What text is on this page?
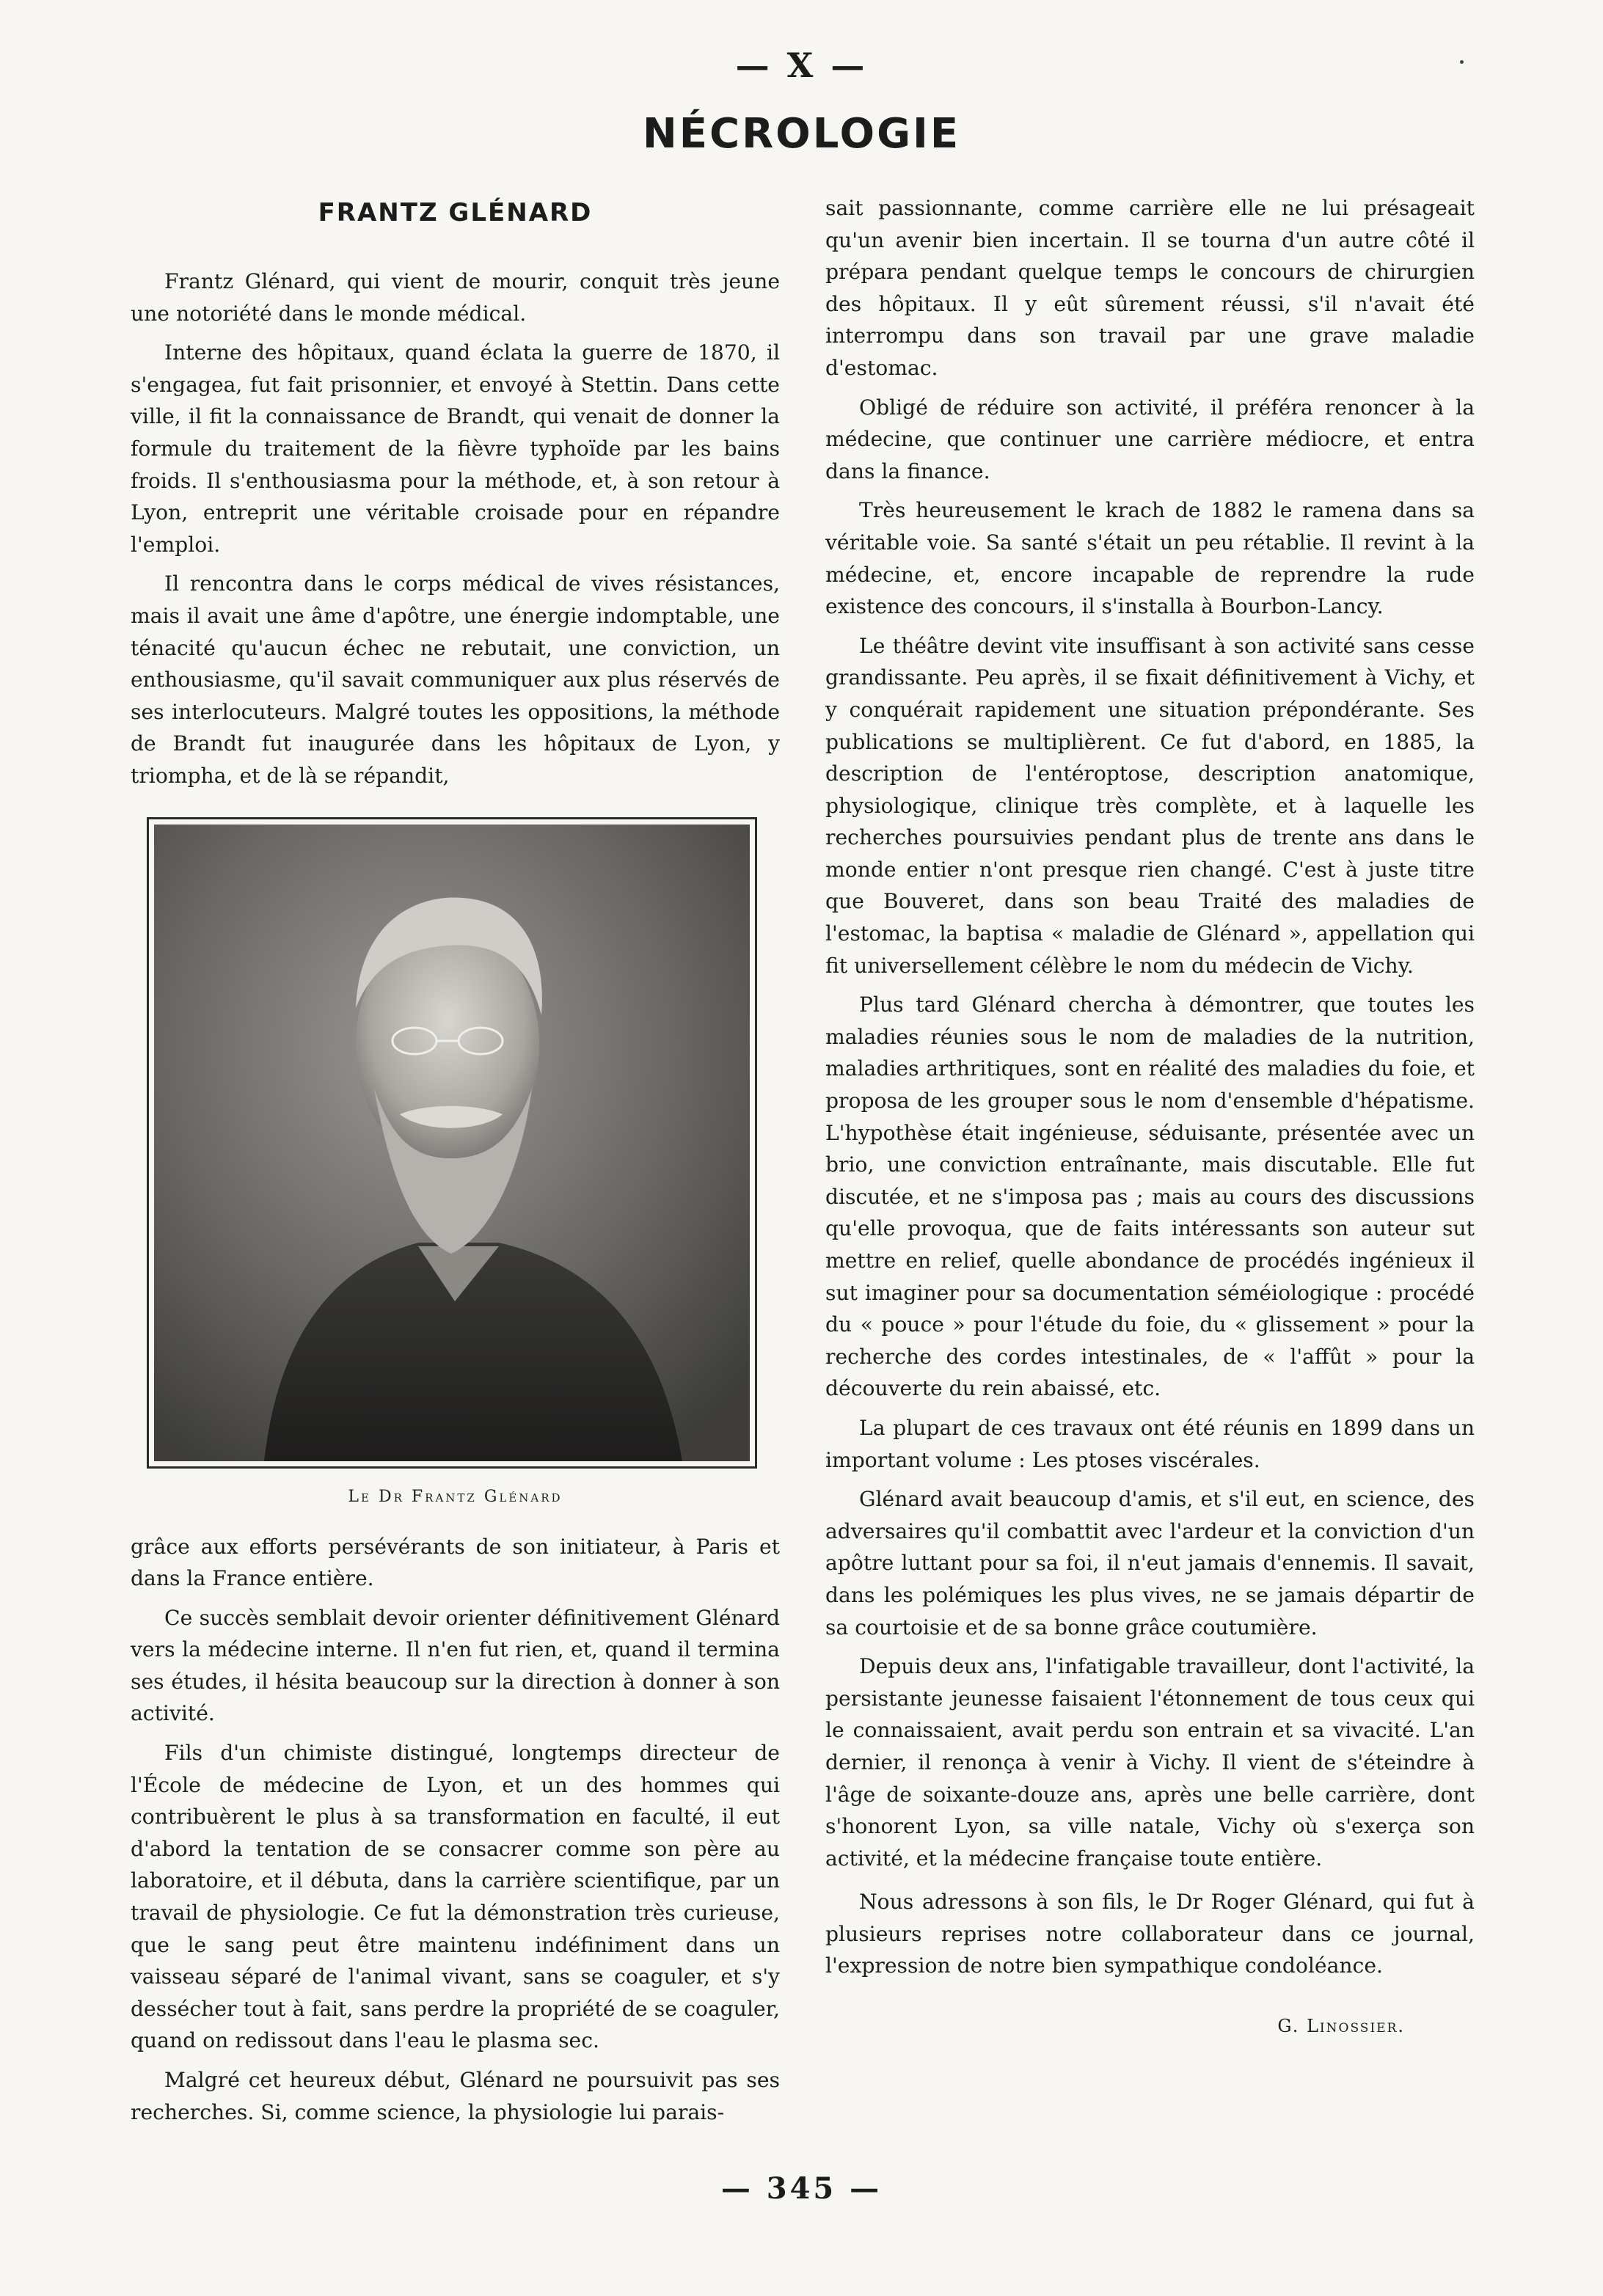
— X —
NÉCROLOGIE
FRANTZ GLÉNARD

Frantz Glénard, qui vient de mourir, conquit très jeune une notoriété dans le monde médical.

Interne des hôpitaux, quand éclata la guerre de 1870, il s'engagea, fut fait prisonnier, et envoyé à Stettin. Dans cette ville, il fit la connaissance de Brandt, qui venait de donner la formule du traitement de la fièvre typhoïde par les bains froids. Il s'enthousiasma pour la méthode, et, à son retour à Lyon, entreprit une véritable croisade pour en répandre l'emploi.

Il rencontra dans le corps médical de vives résistances, mais il avait une âme d'apôtre, une énergie indomptable, une ténacité qu'aucun échec ne rebutait, une conviction, un enthousiasme, qu'il savait communiquer aux plus réservés de ses interlocuteurs. Malgré toutes les oppositions, la méthode de Brandt fut inaugurée dans les hôpitaux de Lyon, y triompha, et de là se répandit,

Le Dr Frantz Glénard

grâce aux efforts persévérants de son initiateur, à Paris et dans la France entière.

Ce succès semblait devoir orienter définitivement Glénard vers la médecine interne. Il n'en fut rien, et, quand il termina ses études, il hésita beaucoup sur la direction à donner à son activité.

Fils d'un chimiste distingué, longtemps directeur de l'École de médecine de Lyon, et un des hommes qui contribuèrent le plus à sa transformation en faculté, il eut d'abord la tentation de se consacrer comme son père au laboratoire, et il débuta, dans la carrière scientifique, par un travail de physiologie. Ce fut la démonstration très curieuse, que le sang peut être maintenu indéfiniment dans un vaisseau séparé de l'animal vivant, sans se coaguler, et s'y dessécher tout à fait, sans perdre la propriété de se coaguler, quand on redissout dans l'eau le plasma sec.

Malgré cet heureux début, Glénard ne poursuivit pas ses recherches. Si, comme science, la physiologie lui parais-

sait passionnante, comme carrière elle ne lui présageait qu'un avenir bien incertain. Il se tourna d'un autre côté il prépara pendant quelque temps le concours de chirurgien des hôpitaux. Il y eût sûrement réussi, s'il n'avait été interrompu dans son travail par une grave maladie d'estomac.

Obligé de réduire son activité, il préféra renoncer à la médecine, que continuer une carrière médiocre, et entra dans la finance.

Très heureusement le krach de 1882 le ramena dans sa véritable voie. Sa santé s'était un peu rétablie. Il revint à la médecine, et, encore incapable de reprendre la rude existence des concours, il s'installa à Bourbon-Lancy.

Le théâtre devint vite insuffisant à son activité sans cesse grandissante. Peu après, il se fixait définitivement à Vichy, et y conquérait rapidement une situation prépondérante. Ses publications se multiplièrent. Ce fut d'abord, en 1885, la description de l'entéroptose, description anatomique, physiologique, clinique très complète, et à laquelle les recherches poursuivies pendant plus de trente ans dans le monde entier n'ont presque rien changé. C'est à juste titre que Bouveret, dans son beau Traité des maladies de l'estomac, la baptisa « maladie de Glénard », appellation qui fit universellement célèbre le nom du médecin de Vichy.

Plus tard Glénard chercha à démontrer, que toutes les maladies réunies sous le nom de maladies de la nutrition, maladies arthritiques, sont en réalité des maladies du foie, et proposa de les grouper sous le nom d'ensemble d'hépatisme. L'hypothèse était ingénieuse, séduisante, présentée avec un brio, une conviction entraînante, mais discutable. Elle fut discutée, et ne s'imposa pas ; mais au cours des discussions qu'elle provoqua, que de faits intéressants son auteur sut mettre en relief, quelle abondance de procédés ingénieux il sut imaginer pour sa documentation séméiologique : procédé du « pouce » pour l'étude du foie, du « glissement » pour la recherche des cordes intestinales, de « l'affût » pour la découverte du rein abaissé, etc.

La plupart de ces travaux ont été réunis en 1899 dans un important volume : Les ptoses viscérales.

Glénard avait beaucoup d'amis, et s'il eut, en science, des adversaires qu'il combattit avec l'ardeur et la conviction d'un apôtre luttant pour sa foi, il n'eut jamais d'ennemis. Il savait, dans les polémiques les plus vives, ne se jamais départir de sa courtoisie et de sa bonne grâce coutumière.

Depuis deux ans, l'infatigable travailleur, dont l'activité, la persistante jeunesse faisaient l'étonnement de tous ceux qui le connaissaient, avait perdu son entrain et sa vivacité. L'an dernier, il renonça à venir à Vichy. Il vient de s'éteindre à l'âge de soixante-douze ans, après une belle carrière, dont s'honorent Lyon, sa ville natale, Vichy où s'exerça son activité, et la médecine française toute entière.

Nous adressons à son fils, le Dr Roger Glénard, qui fut à plusieurs reprises notre collaborateur dans ce journal, l'expression de notre bien sympathique condoléance.

G. Linossier.
— 345 —
